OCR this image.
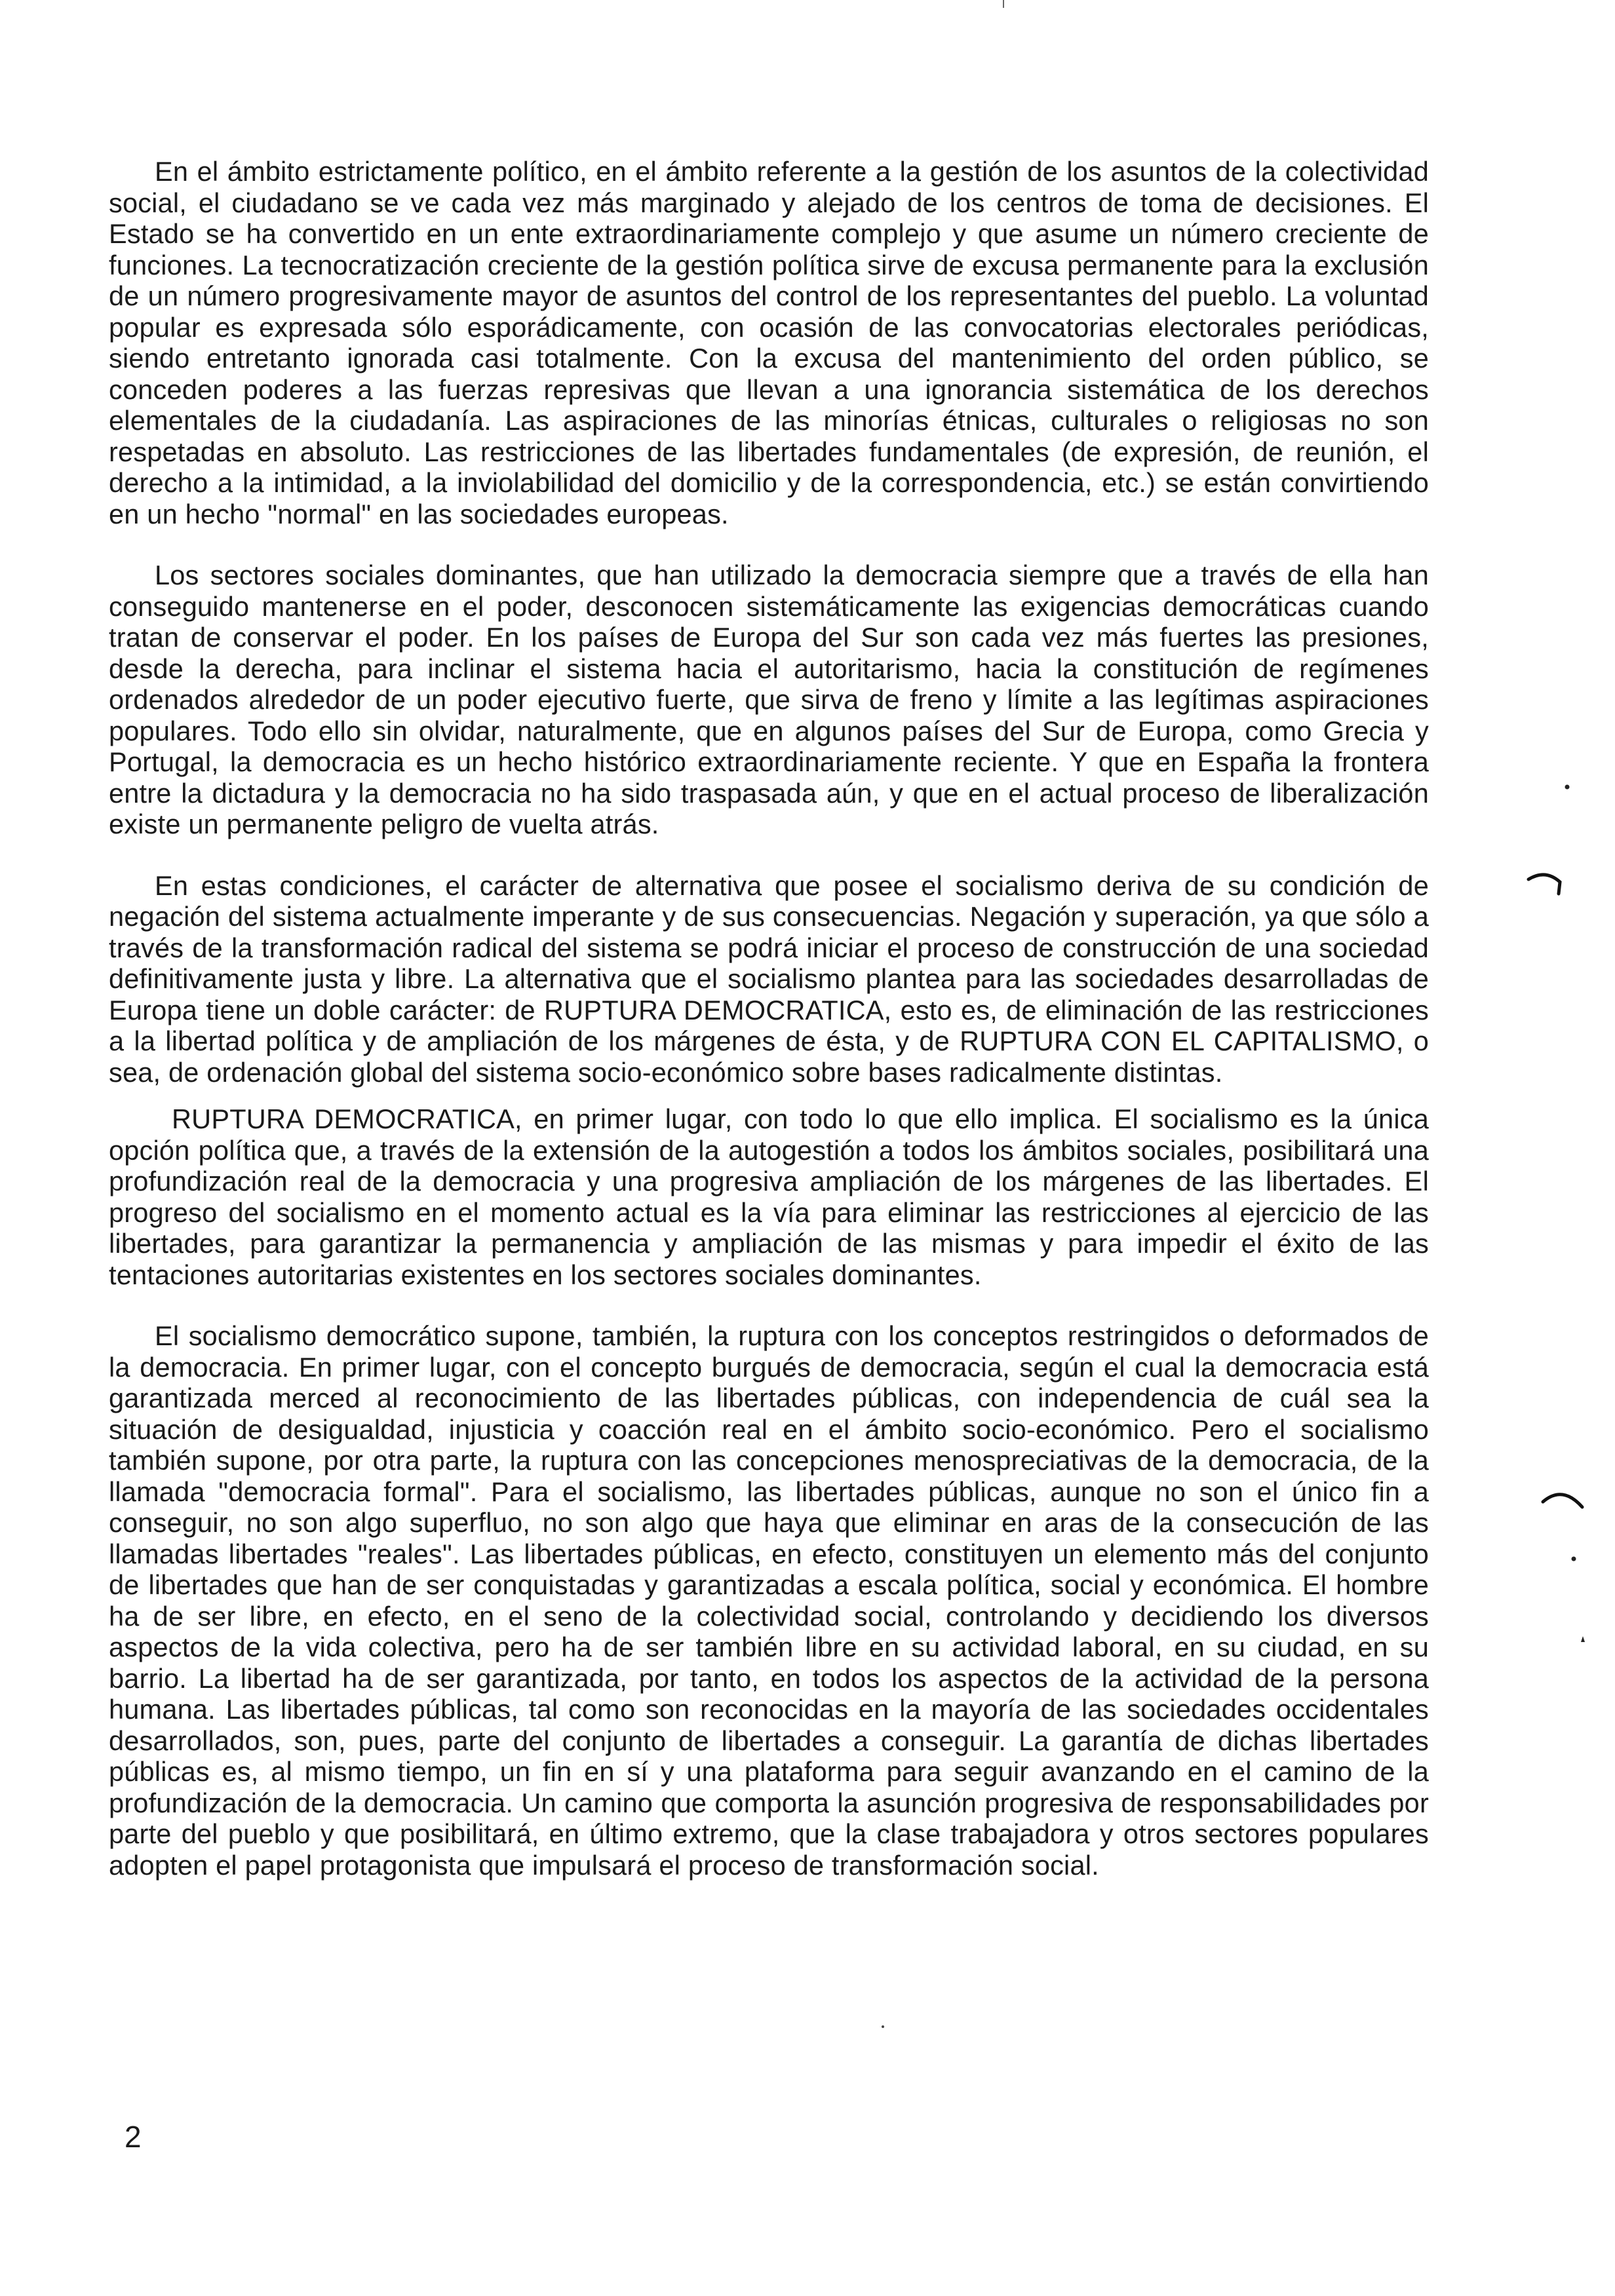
En el ámbito estrictamente político, en el ámbito referente a la gestión de los asuntos de la colectividad social, el ciudadano se ve cada vez más marginado y alejado de los centros de toma de decisiones. El Estado se ha convertido en un ente extraordinariamente complejo y que asume un número creciente de funciones. La tecnocratización creciente de la gestión política sirve de excusa permanente para la exclusión de un número progresivamente mayor de asuntos del control de los representantes del pueblo. La voluntad popular es expresada sólo esporádicamente, con ocasión de las convocatorias electorales periódicas, siendo entretanto ignorada casi totalmente. Con la excusa del mantenimiento del orden público, se conceden poderes a las fuerzas represivas que llevan a una ignorancia sistemática de los derechos elementales de la ciudadanía. Las aspiraciones de las minorías étnicas, culturales o religiosas no son respetadas en absoluto. Las restricciones de las libertades fundamentales (de expresión, de reunión, el derecho a la intimidad, a la inviolabilidad del domicilio y de la correspondencia, etc.) se están convirtiendo en un hecho "normal" en las sociedades europeas.

Los sectores sociales dominantes, que han utilizado la democracia siempre que a través de ella han conseguido mantenerse en el poder, desconocen sistemáticamente las exigencias democráticas cuando tratan de conservar el poder. En los países de Europa del Sur son cada vez más fuertes las presiones, desde la derecha, para inclinar el sistema hacia el autoritarismo, hacia la constitución de regímenes ordenados alrededor de un poder ejecutivo fuerte, que sirva de freno y límite a las legítimas aspiraciones populares. Todo ello sin olvidar, naturalmente, que en algunos países del Sur de Europa, como Grecia y Portugal, la democracia es un hecho histórico extraordinariamente reciente. Y que en España la frontera entre la dictadura y la democracia no ha sido traspasada aún, y que en el actual proceso de liberalización existe un permanente peligro de vuelta atrás.

En estas condiciones, el carácter de alternativa que posee el socialismo deriva de su condición de negación del sistema actualmente imperante y de sus consecuencias. Negación y superación, ya que sólo a través de la transformación radical del sistema se podrá iniciar el proceso de construcción de una sociedad definitivamente justa y libre. La alternativa que el socialismo plantea para las sociedades desarrolladas de Europa tiene un doble carácter: de RUPTURA DEMOCRATICA, esto es, de eliminación de las restricciones a la libertad política y de ampliación de los márgenes de ésta, y de RUPTURA CON EL CAPITALISMO, o sea, de ordenación global del sistema socio-económico sobre bases radicalmente distintas.

RUPTURA DEMOCRATICA, en primer lugar, con todo lo que ello implica. El socialismo es la única opción política que, a través de la extensión de la autogestión a todos los ámbitos sociales, posibilitará una profundización real de la democracia y una progresiva ampliación de los márgenes de las libertades. El progreso del socialismo en el momento actual es la vía para eliminar las restricciones al ejercicio de las libertades, para garantizar la permanencia y ampliación de las mismas y para impedir el éxito de las tentaciones autoritarias existentes en los sectores sociales dominantes.

El socialismo democrático supone, también, la ruptura con los conceptos restringidos o deformados de la democracia. En primer lugar, con el concepto burgués de democracia, según el cual la democracia está garantizada merced al reconocimiento de las libertades públicas, con independencia de cuál sea la situación de desigualdad, injusticia y coacción real en el ámbito socio-económico. Pero el socialismo también supone, por otra parte, la ruptura con las concepciones menospreciativas de la democracia, de la llamada "democracia formal". Para el socialismo, las libertades públicas, aunque no son el único fin a conseguir, no son algo superfluo, no son algo que haya que eliminar en aras de la consecución de las llamadas libertades "reales". Las libertades públicas, en efecto, constituyen un elemento más del conjunto de libertades que han de ser conquistadas y garantizadas a escala política, social y económica. El hombre ha de ser libre, en efecto, en el seno de la colectividad social, controlando y decidiendo los diversos aspectos de la vida colectiva, pero ha de ser también libre en su actividad laboral, en su ciudad, en su barrio. La libertad ha de ser garantizada, por tanto, en todos los aspectos de la actividad de la persona humana. Las libertades públicas, tal como son reconocidas en la mayoría de las sociedades occidentales desarrollados, son, pues, parte del conjunto de libertades a conseguir. La garantía de dichas libertades públicas es, al mismo tiempo, un fin en sí y una plataforma para seguir avanzando en el camino de la profundización de la democracia. Un camino que comporta la asunción progresiva de responsabilidades por parte del pueblo y que posibilitará, en último extremo, que la clase trabajadora y otros sectores populares adopten el papel protagonista que impulsará el proceso de transformación social.

2
